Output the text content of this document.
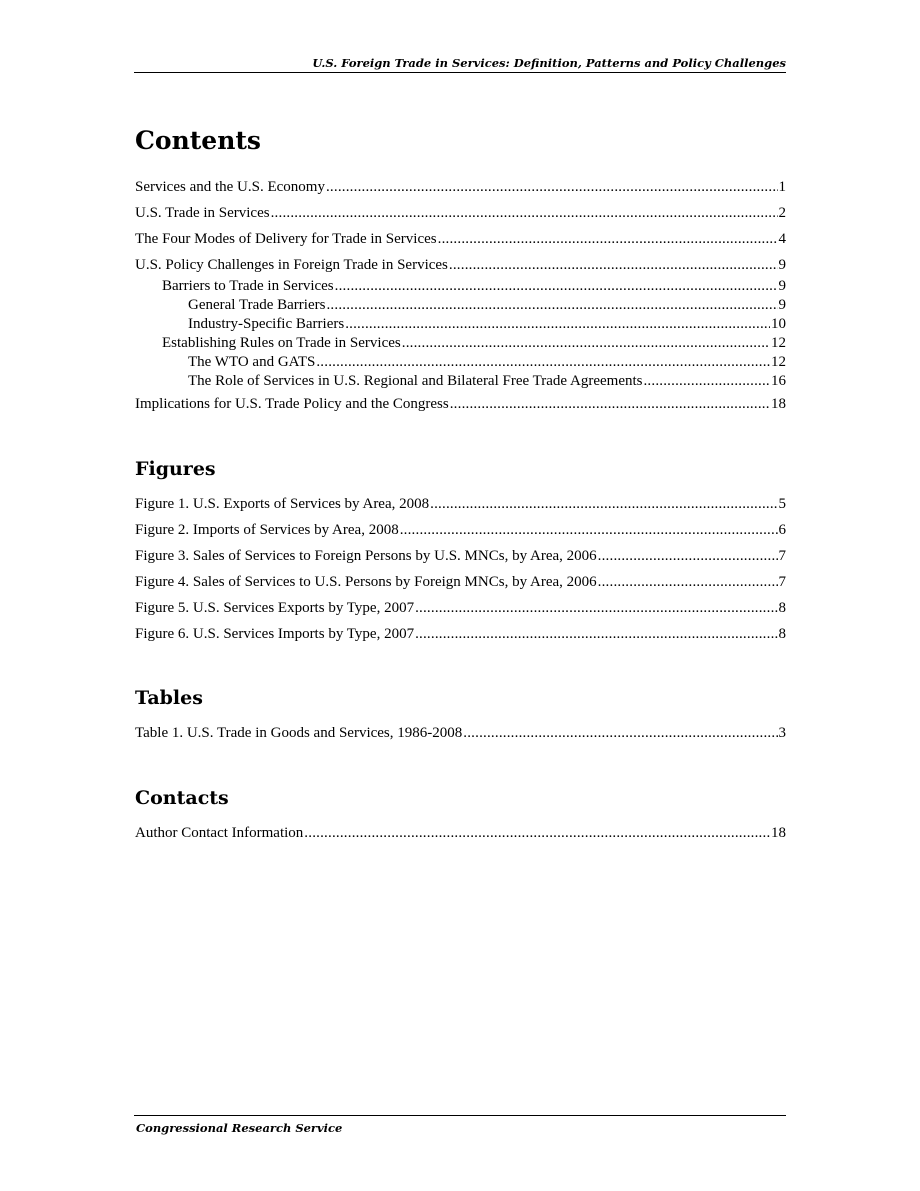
U.S. Foreign Trade in Services: Definition, Patterns and Policy Challenges
Contents
Services and the U.S. Economy .....	1
U.S. Trade in Services .....	2
The Four Modes of Delivery for Trade in Services .....	4
U.S. Policy Challenges in Foreign Trade in Services .....	9
Barriers to Trade in Services .....	9
General Trade Barriers .....	9
Industry-Specific Barriers .....	10
Establishing Rules on Trade in Services .....	12
The WTO and GATS .....	12
The Role of Services in U.S. Regional and Bilateral Free Trade Agreements .....	16
Implications for U.S. Trade Policy and the Congress .....	18
Figures
Figure 1. U.S. Exports of Services by Area, 2008 .....	5
Figure 2. Imports of Services by Area, 2008 .....	6
Figure 3. Sales of Services to Foreign Persons by U.S. MNCs, by Area, 2006 .....	7
Figure 4. Sales of Services to U.S. Persons by Foreign MNCs, by Area, 2006 .....	7
Figure 5. U.S. Services Exports by Type, 2007 .....	8
Figure 6. U.S. Services Imports by Type, 2007 .....	8
Tables
Table 1. U.S. Trade in Goods and Services, 1986-2008 .....	3
Contacts
Author Contact Information .....	18
Congressional Research Service
